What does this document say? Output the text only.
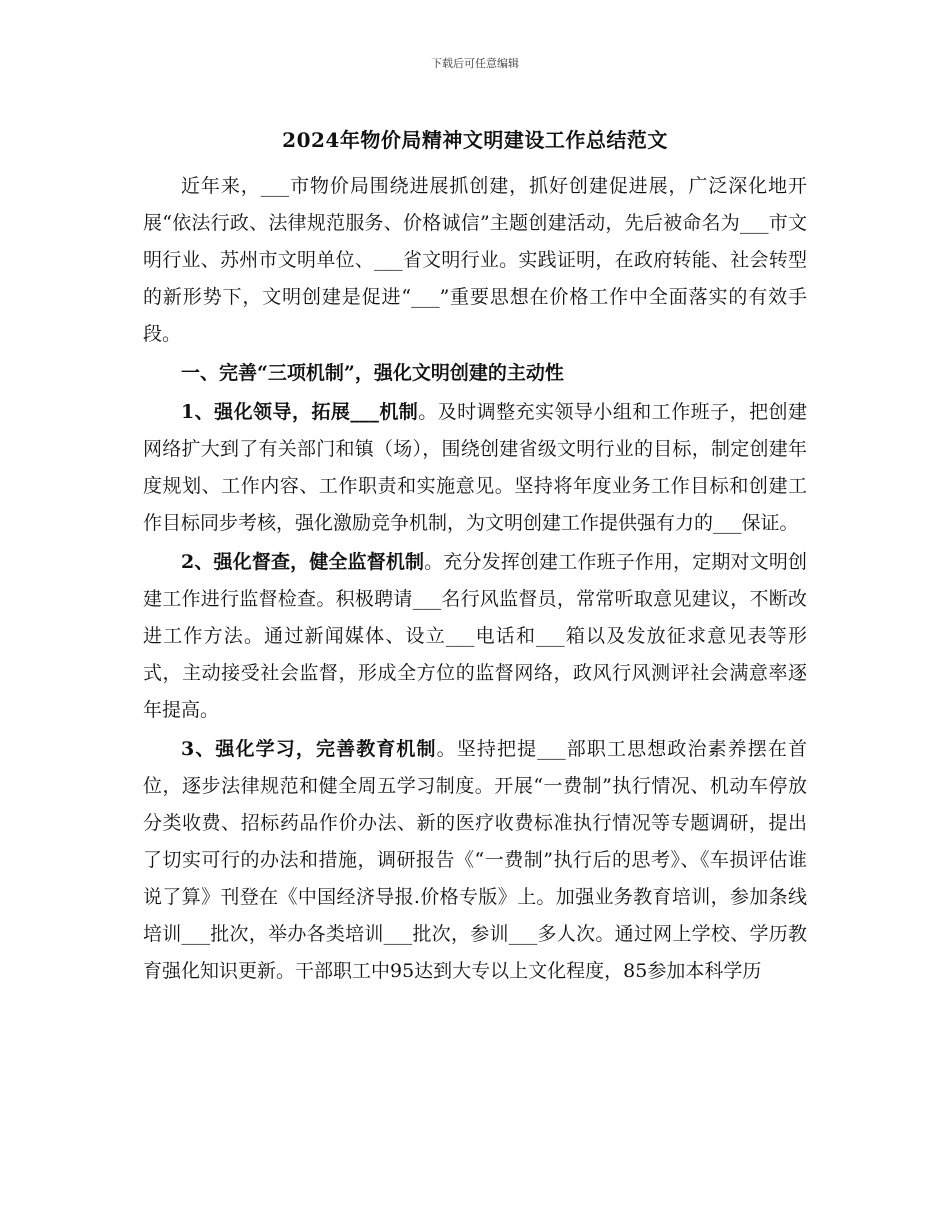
下载后可任意编辑
2024年物价局精神文明建设工作总结范文

近年来，___市物价局围绕进展抓创建，抓好创建促进展，广泛深化地开展“依法行政、法律规范服务、价格诚信”主题创建活动，先后被命名为___市文明行业、苏州市文明单位、___省文明行业。实践证明，在政府转能、社会转型的新形势下，文明创建是促进“___”重要思想在价格工作中全面落实的有效手段。

一、完善“三项机制”，强化文明创建的主动性

1、强化领导，拓展___机制。及时调整充实领导小组和工作班子，把创建网络扩大到了有关部门和镇（场），围绕创建省级文明行业的目标，制定创建年度规划、工作内容、工作职责和实施意见。坚持将年度业务工作目标和创建工作目标同步考核，强化激励竞争机制，为文明创建工作提供强有力的___保证。

2、强化督查，健全监督机制。充分发挥创建工作班子作用，定期对文明创建工作进行监督检查。积极聘请___名行风监督员，常常听取意见建议，不断改进工作方法。通过新闻媒体、设立___电话和___箱以及发放征求意见表等形式，主动接受社会监督，形成全方位的监督网络，政风行风测评社会满意率逐年提高。

3、强化学习，完善教育机制。坚持把提___部职工思想政治素养摆在首位，逐步法律规范和健全周五学习制度。开展“一费制”执行情况、机动车停放分类收费、招标药品作价办法、新的医疗收费标准执行情况等专题调研，提出了切实可行的办法和措施，调研报告《“一费制”执行后的思考》、《车损评估谁说了算》刊登在《中国经济导报.价格专版》上。加强业务教育培训，参加条线培训___批次，举办各类培训___批次，参训___多人次。通过网上学校、学历教育强化知识更新。干部职工中95达到大专以上文化程度，85参加本科学历
